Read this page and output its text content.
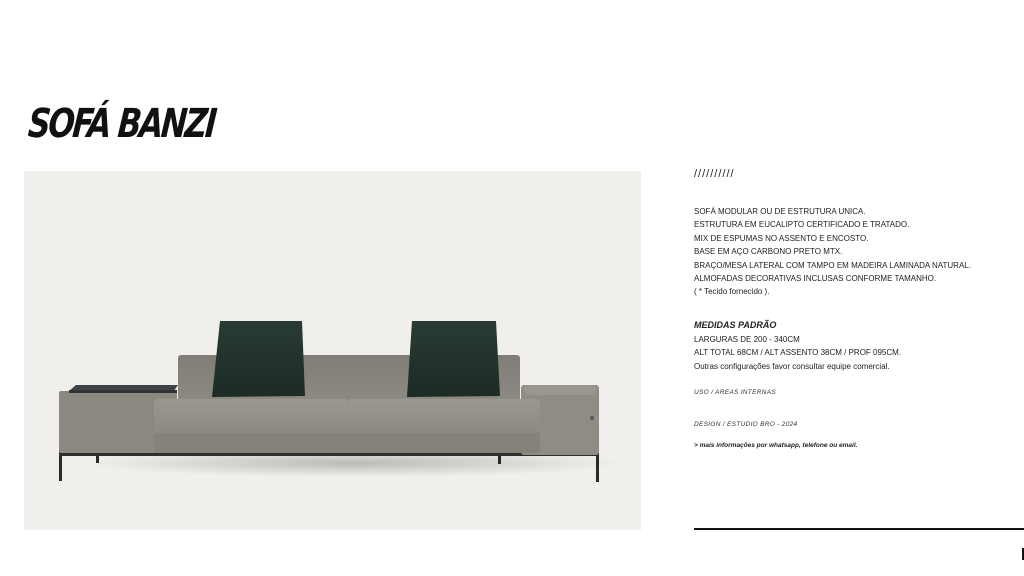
SOFÁ BANZI
//////////
SOFÁ MODULAR OU DE ESTRUTURA UNICA.
ESTRUTURA EM EUCALIPTO CERTIFICADO E TRATADO.
MIX DE ESPUMAS NO ASSENTO E ENCOSTO.
BASE EM AÇO CARBONO PRETO MTX.
BRAÇO/MESA LATERAL COM TAMPO EM MADEIRA LAMINADA NATURAL.
ALMOFADAS DECORATIVAS INCLUSAS CONFORME TAMANHO.
( * Tecido fornecido ).
MEDIDAS PADRÃO
LARGURAS DE 200 - 340CM
ALT TOTAL 68CM / ALT ASSENTO 38CM / PROF 095CM.
Outras configurações favor consultar equipe comercial.
USO / AREAS INTERNAS
DESIGN / ESTUDIO BRO - 2024
> mais informações por whatsapp, telefone ou email.
